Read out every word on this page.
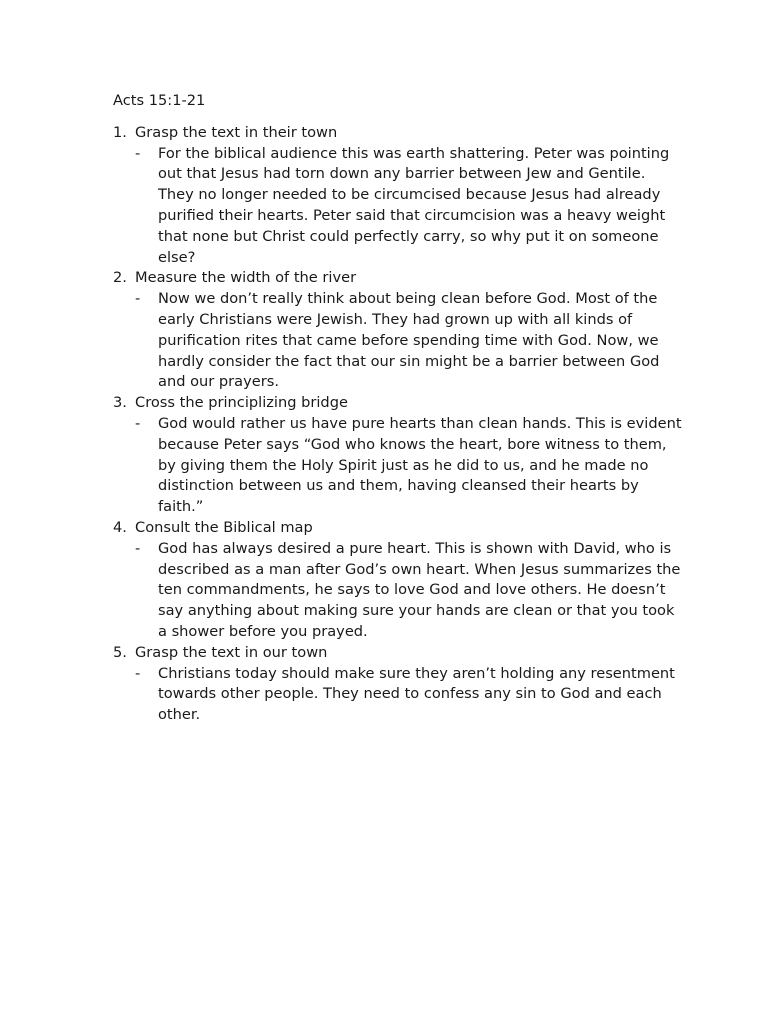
Acts 15:1-21
1. Grasp the text in their town
-	For the biblical audience this was earth shattering. Peter was pointing out that Jesus had torn down any barrier between Jew and Gentile. They no longer needed to be circumcised because Jesus had already purified their hearts. Peter said that circumcision was a heavy weight that none but Christ could perfectly carry, so why put it on someone else?
2. Measure the width of the river
-	Now we don’t really think about being clean before God. Most of the early Christians were Jewish. They had grown up with all kinds of purification rites that came before spending time with God. Now, we hardly consider the fact that our sin might be a barrier between God and our prayers.
3. Cross the principlizing bridge
-	God would rather us have pure hearts than clean hands. This is evident because Peter says “God who knows the heart, bore witness to them, by giving them the Holy Spirit just as he did to us, and he made no distinction between us and them, having cleansed their hearts by faith.”
4. Consult the Biblical map
-	God has always desired a pure heart. This is shown with David, who is described as a man after God’s own heart. When Jesus summarizes the ten commandments, he says to love God and love others. He doesn’t say anything about making sure your hands are clean or that you took a shower before you prayed.
5. Grasp the text in our town
-	Christians today should make sure they aren’t holding any resentment towards other people. They need to confess any sin to God and each other.
